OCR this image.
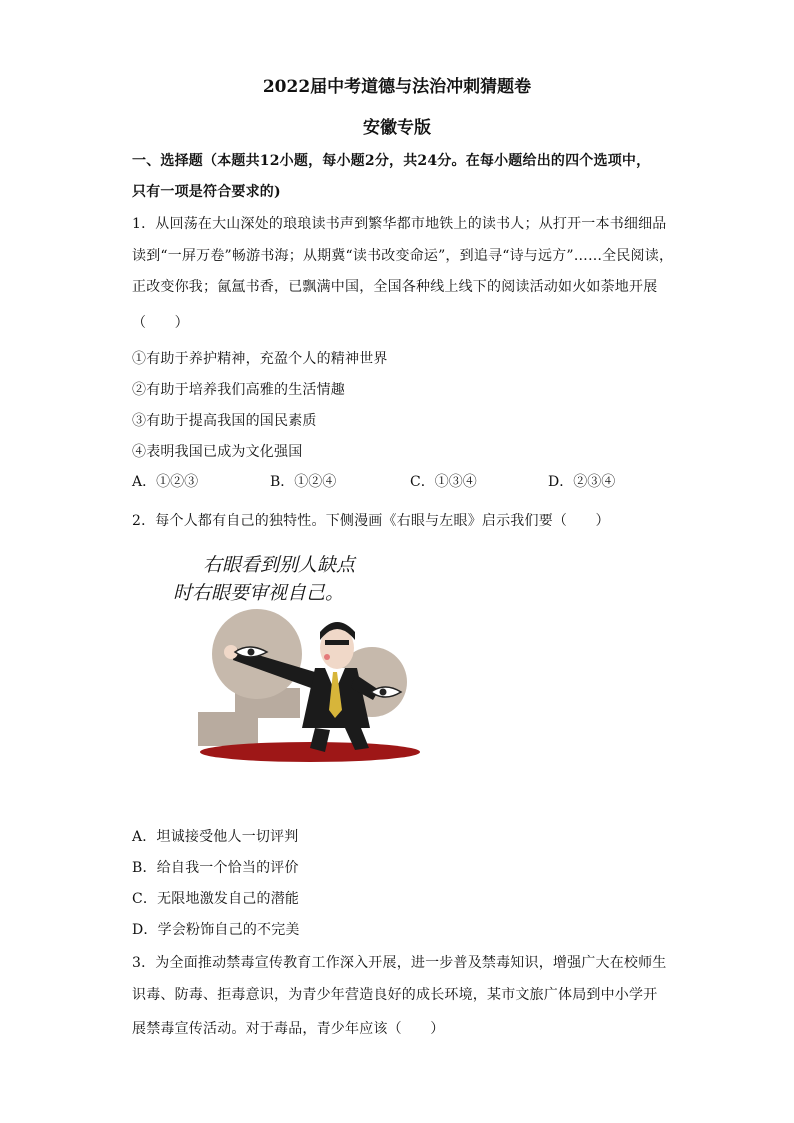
2022届中考道德与法治冲刺猜题卷
安徽专版
一、选择题（本题共12小题，每小题2分，共24分。在每小题给出的四个选项中，
只有一项是符合要求的)
1．从回荡在大山深处的琅琅读书声到繁华都市地铁上的读书人；从打开一本书细细品
读到“一屏万卷”畅游书海；从期冀“读书改变命运”，到追寻“诗与远方”……全民阅读，
正改变你我；氤氲书香，已飘满中国，全国各种线上线下的阅读活动如火如荼地开展
（　　）
①有助于养护精神，充盈个人的精神世界
②有助于培养我们高雅的生活情趣
③有助于提高我国的国民素质
④表明我国已成为文化强国
A．①②③	B．①②④	C．①③④	D．②③④
2．每个人都有自己的独特性。下侧漫画《右眼与左眼》启示我们要（　　）
右眼看到别人缺点
时右眼要审视自己。
A．坦诚接受他人一切评判
B．给自我一个恰当的评价
C．无限地激发自己的潜能
D．学会粉饰自己的不完美
3．为全面推动禁毒宣传教育工作深入开展，进一步普及禁毒知识，增强广大在校师生
识毒、防毒、拒毒意识，为青少年营造良好的成长环境，某市文旅广体局到中小学开
展禁毒宣传活动。对于毒品，青少年应该（　　）
